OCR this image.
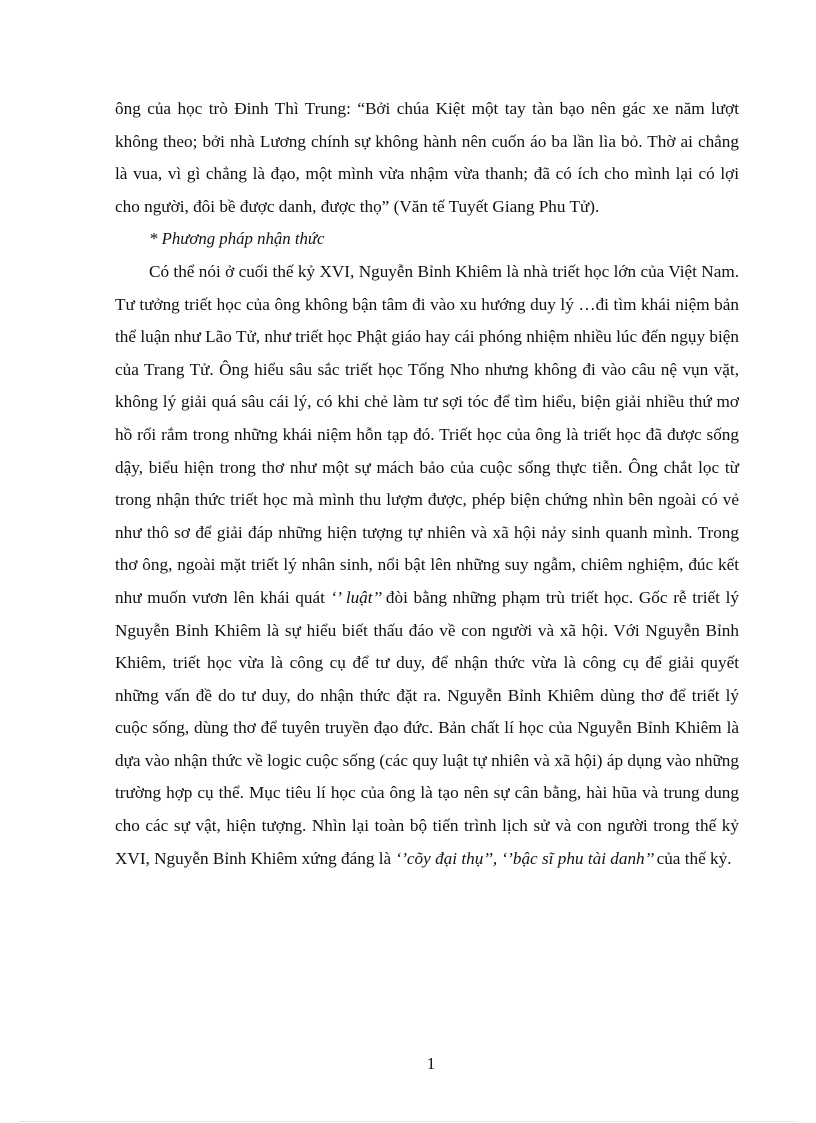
ông của học trò Đinh Thì Trung: “Bởi chúa Kiệt một tay tàn bạo nên gác xe năm lượt không theo; bởi nhà Lương chính sự không hành nên cuốn áo ba lần lìa bỏ. Thờ ai chẳng là vua, vì gì chẳng là đạo, một mình vừa nhậm vừa thanh; đã có ích cho mình lại có lợi cho người, đôi bề được danh, được thọ” (Văn tế Tuyết Giang Phu Tử).

* Phương pháp nhận thức

Có thể nói ở cuối thế kỷ XVI, Nguyễn Bỉnh Khiêm là nhà triết học lớn của Việt Nam. Tư tưởng triết học của ông không bận tâm đi vào xu hướng duy lý …đi tìm khái niệm bản thể luận như Lão Tử, như triết học Phật giáo hay cái phóng nhiệm nhiều lúc đến ngụy biện của Trang Tử. Ông hiểu sâu sắc triết học Tống Nho nhưng không đi vào câu nệ vụn vặt, không lý giải quá sâu cái lý, có khi chẻ làm tư sợi tóc để tìm hiểu, biện giải nhiều thứ mơ hồ rối rắm trong những khái niệm hỗn tạp đó. Triết học của ông là triết học đã được sống dậy, biểu hiện trong thơ như một sự mách bảo của cuộc sống thực tiễn. Ông chắt lọc từ trong nhận thức triết học mà mình thu lượm được, phép biện chứng nhìn bên ngoài có vẻ như thô sơ để giải đáp những hiện tượng tự nhiên và xã hội nảy sinh quanh mình. Trong thơ ông, ngoài mặt triết lý nhân sinh, nổi bật lên những suy ngẫm, chiêm nghiệm, đúc kết như muốn vươn lên khái quát ‘’ luật’’ đòi bằng những phạm trù triết học. Gốc rễ triết lý Nguyễn Bỉnh Khiêm là sự hiểu biết thấu đáo về con người và xã hội. Với Nguyễn Bỉnh Khiêm, triết học vừa là công cụ để tư duy, để nhận thức vừa là công cụ để giải quyết những vấn đề do tư duy, do nhận thức đặt ra. Nguyễn Bỉnh Khiêm dùng thơ để triết lý cuộc sống, dùng thơ để tuyên truyền đạo đức. Bản chất lí học của Nguyễn Bỉnh Khiêm là dựa vào nhận thức về logic cuộc sống (các quy luật tự nhiên và xã hội) áp dụng vào những trường hợp cụ thể. Mục tiêu lí học của ông là tạo nên sự cân bằng, hài hũa và trung dung cho các sự vật, hiện tượng. Nhìn lại toàn bộ tiến trình lịch sử và con người trong thế kỷ XVI, Nguyễn Bỉnh Khiêm xứng đáng là ‘’cõy đại thụ’’, ‘’bậc sĩ phu tài danh’’ của thế kỷ.

1
